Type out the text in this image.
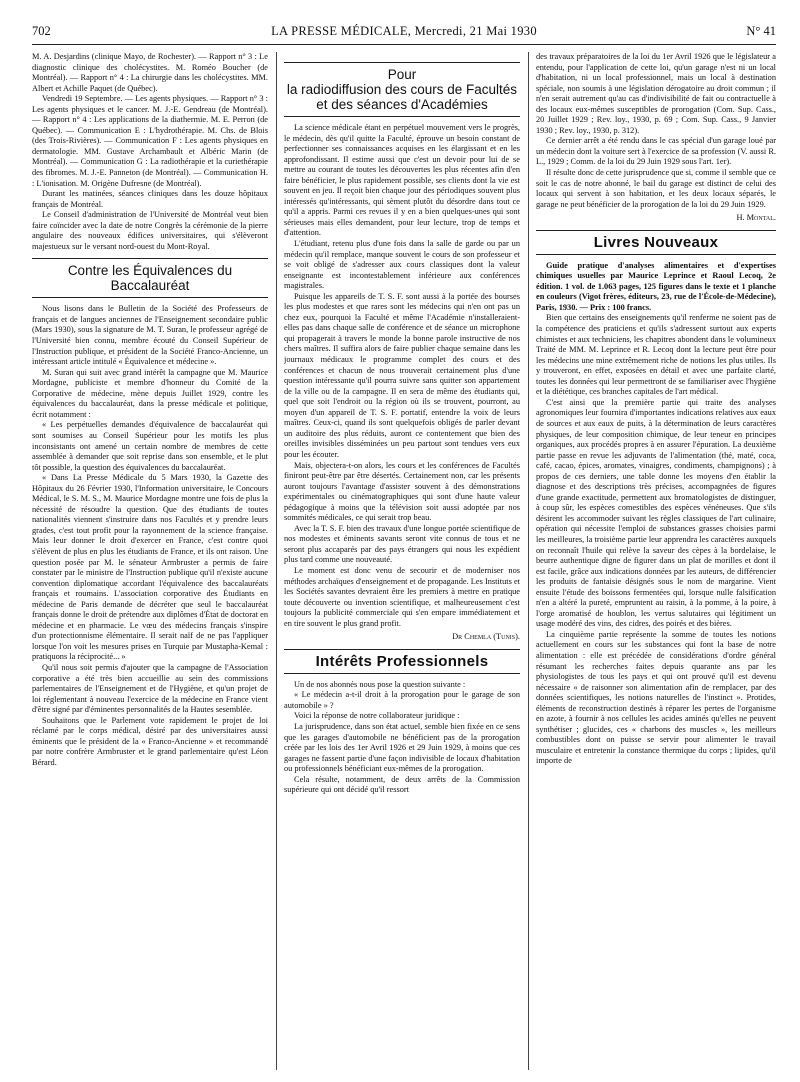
702	LA PRESSE MÉDICALE, Mercredi, 21 Mai 1930	N° 41

M. A. Desjardins (clinique Mayo, de Rochester). — Rapport n° 3 : Le diagnostic clinique des cholécystites. M. Roméo Boucher (de Montréal). — Rapport n° 4 : La chirurgie dans les cholécystites. MM. Albert et Achille Paquet (de Québec).

Vendredi 19 Septembre. — Les agents physiques. — Rapport n° 3 : Les agents physiques et le cancer. M. J.-E. Gendreau (de Montréal). — Rapport n° 4 : Les applications de la diathermie. M. E. Perron (de Québec). — Communication E : L'hydrothérapie. M. Chs. de Blois (des Trois-Rivières). — Communication F : Les agents physiques en dermatologie. MM. Gustave Archambault et Albéric Marin (de Montréal). — Communication G : La radiothérapie et la curiethérapie des fibromes. M. J.-E. Panneton (de Montréal). — Communication H. : L'ionisation. M. Origène Dufresne (de Montréal).

Durant les matinées, séances cliniques dans les douze hôpitaux français de Montréal.

Le Conseil d'administration de l'Université de Montréal veut bien faire coïncider avec la date de notre Congrès la cérémonie de la pierre angulaire des nouveaux édifices universitaires, qui s'élèveront majestueux sur le versant nord-ouest du Mont-Royal.

Contre les Équivalences du Baccalauréat

Nous lisons dans le Bulletin de la Société des Professeurs de français et de langues anciennes de l'Enseignement secondaire public (Mars 1930), sous la signature de M. T. Suran, le professeur agrégé de l'Université bien connu, membre écouté du Conseil Supérieur de l'Instruction publique, et président de la Société Franco-Ancienne, un intéressant article intitulé « Équivalence et médecine ».

M. Suran qui suit avec grand intérêt la campagne que M. Maurice Mordagne, publiciste et membre d'honneur du Comité de la Corporative de médecine, mène depuis Juillet 1929, contre les équivalences du baccalauréat, dans la presse médicale et politique, écrit notamment :

« Les perpétuelles demandes d'équivalence de baccalauréat qui sont soumises au Conseil Supérieur pour les motifs les plus inconsistants ont amené un certain nombre de membres de cette assemblée à demander que soit reprise dans son ensemble, et le plut tôt possible, la question des équivalences du baccalauréat.

« Dans La Presse Médicale du 5 Mars 1930, la Gazette des Hôpitaux du 26 Février 1930, l'Information universitaire, le Concours Médical, le S. M. S., M. Maurice Mordagne montre une fois de plus la nécessité de résoudre la question. Que des étudiants de toutes nationalités viennent s'instruire dans nos Facultés et y prendre leurs grades, c'est tout profit pour la rayonnement de la science française. Mais leur donner le droit d'exercer en France, c'est contre quoi s'élèvent de plus en plus les étudiants de France, et ils ont raison. Une question posée par M. le sénateur Armbruster a permis de faire constater par le ministre de l'Instruction publique qu'il n'existe aucune convention diplomatique accordant l'équivalence des baccalauréats français et roumains. L'association corporative des Étudiants en médecine de Paris demande de décréter que seul le baccalauréat français donne le droit de prétendre aux diplômes d'État de doctorat en médecine et en pharmacie. Le vœu des médecins français s'inspire d'un protectionnisme élémentaire. Il serait naïf de ne pas l'appliquer lorsque l'on voit les mesures prises en Turquie par Mustapha-Kemal : pratiquons la réciprocité... »

Qu'il nous soit permis d'ajouter que la campagne de l'Association corporative a été très bien accueillie au sein des commissions parlementaires de l'Enseignement et de l'Hygiène, et qu'un projet de loi réglementant à nouveau l'exercice de la médecine en France vient d'être signé par d'éminentes personnalités de la Hautes sesemblée.

Souhaitons que le Parlement vote rapidement le projet de loi réclamé par le corps médical, désiré par des universitaires aussi éminents que le président de la « Franco-Ancienne » et recommandé par notre confrère Armbruster et le grand parlementaire qu'est Léon Bérard.

Pour
la radiodiffusion des cours de Facultés
et des séances d'Académies

La science médicale étant en perpétuel mouvement vers le progrès, le médecin, dès qu'il quitte la Faculté, éprouve un besoin constant de perfectionner ses connaissances acquises en les élargissant et en les approfondissant. Il estime aussi que c'est un devoir pour lui de se mettre au courant de toutes les découvertes les plus récentes afin d'en faire bénéficier, le plus rapidement possible, ses clients dont la vie est souvent en jeu. Il reçoit bien chaque jour des périodiques souvent plus intéressés qu'intéressants, qui sèment plutôt du désordre dans tout ce qu'il a appris. Parmi ces revues il y en a bien quelques-unes qui sont sérieuses mais elles demandent, pour leur lecture, trop de temps et d'attention.

L'étudiant, retenu plus d'une fois dans la salle de garde ou par un médecin qu'il remplace, manque souvent le cours de son professeur et se voit obligé de s'adresser aux cours classiques dont la valeur enseignante est incontestablement inférieure aux conférences magistrales.

Puisque les appareils de T. S. F. sont aussi à la portée des bourses les plus modestes et que rares sont les médecins qui n'en ont pas un chez eux, pourquoi la Faculté et même l'Académie n'installeraient-elles pas dans chaque salle de conférence et de séance un microphone qui propagerait à travers le monde la bonne parole instructive de nos chers maîtres. Il suffira alors de faire publier chaque semaine dans les journaux médicaux le programme complet des cours et des conférences et chacun de nous trouverait certainement plus d'une question intéressante qu'il pourra suivre sans quitter son appartement de la ville ou de la campagne. Il en sera de même des étudiants qui, quel que soit l'endroit ou la région où ils se trouvent, pourront, au moyen d'un appareil de T. S. F. portatif, entendre la voix de leurs maîtres. Ceux-ci, quand ils sont quelquefois obligés de parler devant un auditoire des plus réduits, auront ce contentement que bien des oreilles invisibles disséminées un peu partout sont tendues vers eux pour les écouter.

Mais, objectera-t-on alors, les cours et les conférences de Facultés finiront peut-être par être désertés. Certainement non, car les présents auront toujours l'avantage d'assister souvent à des démonstrations expérimentales ou cinématographiques qui sont d'une haute valeur pédagogique à moins que la télévision soit aussi adoptée par nos sommités médicales, ce qui serait trop beau.

Avec la T. S. F. bien des travaux d'une longue portée scientifique de nos modestes et éminents savants seront vite connus de tous et ne seront plus accaparés par des pays étrangers qui nous les expédient plus tard comme une nouveauté.

Le moment est donc venu de secourir et de moderniser nos méthodes archaïques d'enseignement et de propagande. Les Instituts et les Sociétés savantes devraient être les premiers à mettre en pratique toute découverte ou invention scientifique, et malheureusement c'est toujours la publicité commerciale qui s'en empare immédiatement et en tire souvent le plus grand profit.

Dr Chemla (Tunis).
Intérêts Professionnels

Un de nos abonnés nous pose la question suivante :

« Le médecin a-t-il droit à la prorogation pour le garage de son automobile » ?

Voici la réponse de notre collaborateur juridique :

La jurisprudence, dans son état actuel, semble bien fixée en ce sens que les garages d'automobile ne bénéficient pas de la prorogation créée par les lois des 1er Avril 1926 et 29 Juin 1929, à moins que ces garages ne fassent partie d'une façon indivisible de locaux d'habitation ou professionnels bénéficiant eux-mêmes de la prorogation.

Cela résulte, notamment, de deux arrêts de la Commission supérieure qui ont décidé qu'il ressort

des travaux préparatoires de la loi du 1er Avril 1926 que le législateur a entendu, pour l'application de cette loi, qu'un garage n'est ni un local d'habitation, ni un local professionnel, mais un local à destination spéciale, non soumis à une législation dérogatoire au droit commun ; il n'en serait autrement qu'au cas d'indivisibilité de fait ou contractuelle à des locaux eux-mêmes susceptibles de prorogation (Com. Sup. Cass., 20 Juillet 1929 ; Rev. loy., 1930, p. 69 ; Com. Sup. Cass., 9 Janvier 1930 ; Rev. loy., 1930, p. 312).

Ce dernier arrêt a été rendu dans le cas spécial d'un garage loué par un médecin dont la voiture sert à l'exercice de sa profession (V. aussi R. L., 1929 ; Comm. de la loi du 29 Juin 1929 sous l'art. 1er).

Il résulte donc de cette jurisprudence que si, comme il semble que ce soit le cas de notre abonné, le bail du garage est distinct de celui des locaux qui servent à son habitation, et les deux locaux séparés, le garage ne peut bénéficier de la prorogation de la loi du 29 Juin 1929.

H. Montal.
Livres Nouveaux

Guide pratique d'analyses alimentaires et d'expertises chimiques usuelles par Maurice Leprince et Raoul Lecoq, 2e édition. 1 vol. de 1.063 pages, 125 figures dans le texte et 1 planche en couleurs (Vigot frères, éditeurs, 23, rue de l'École-de-Médecine), Paris, 1930. — Prix : 100 francs.

Bien que certains des enseignements qu'il renferme ne soient pas de la compétence des praticiens et qu'ils s'adressent surtout aux experts chimistes et aux techniciens, les chapitres abondent dans le volumineux Traité de MM. M. Leprince et R. Lecoq dont la lecture peut être pour les médecins une mine extrêmement riche de notions les plus utiles. Ils y trouveront, en effet, exposées en détail et avec une parfaite clarté, toutes les données qui leur permettront de se familiariser avec l'hygiène et la diététique, ces branches capitales de l'art médical.

C'est ainsi que la première partie qui traite des analyses agronomiques leur fournira d'importantes indications relatives aux eaux de sources et aux eaux de puits, à la détermination de leurs caractères physiques, de leur composition chimique, de leur teneur en principes organiques, aux procédés propres à en assurer l'épuration. La deuxième partie passe en revue les adjuvants de l'alimentation (thé, maté, coca, café, cacao, épices, aromates, vinaigres, condiments, champignons) ; à propos de ces derniers, une table donne les moyens d'en établir la diagnose et des descriptions très précises, accompagnées de figures d'une grande exactitude, permettent aux bromatologistes de distinguer, à coup sûr, les espèces comestibles des espèces vénéneuses. Que s'ils désirent les accommoder suivant les règles classiques de l'art culinaire, opération qui nécessite l'emploi de substances grasses choisies parmi les meilleures, la troisième partie leur apprendra les caractères auxquels on reconnaît l'huile qui relève la saveur des cèpes à la bordelaise, le beurre authentique digne de figurer dans un plat de morilles et dont il est facile, grâce aux indications données par les auteurs, de différencier les produits de fantaisie désignés sous le nom de margarine. Vient ensuite l'étude des boissons fermentées qui, lorsque nulle falsification n'en a altéré la pureté, empruntent au raisin, à la pomme, à la poire, à l'orge aromatisé de houblon, les vertus salutaires qui légitiment un usage modéré des vins, des cidres, des poirés et des bières.

La cinquième partie représente la somme de toutes les notions actuellement en cours sur les substances qui font la base de notre alimentation : elle est précédée de considérations d'ordre général résumant les recherches faites depuis quarante ans par les physiologistes de tous les pays et qui ont prouvé qu'il est devenu nécessaire « de raisonner son alimentation afin de remplacer, par des données scientifiques, les notions naturelles de l'instinct ». Protides, éléments de reconstruction destinés à réparer les pertes de l'organisme en azote, à fournir à nos cellules les acides aminés qu'elles ne peuvent synthétiser ; glucides, ces « charbons des muscles », les meilleurs combustibles dont on puisse se servir pour alimenter le travail musculaire et entretenir la constance thermique du corps ; lipides, qu'il importe de
